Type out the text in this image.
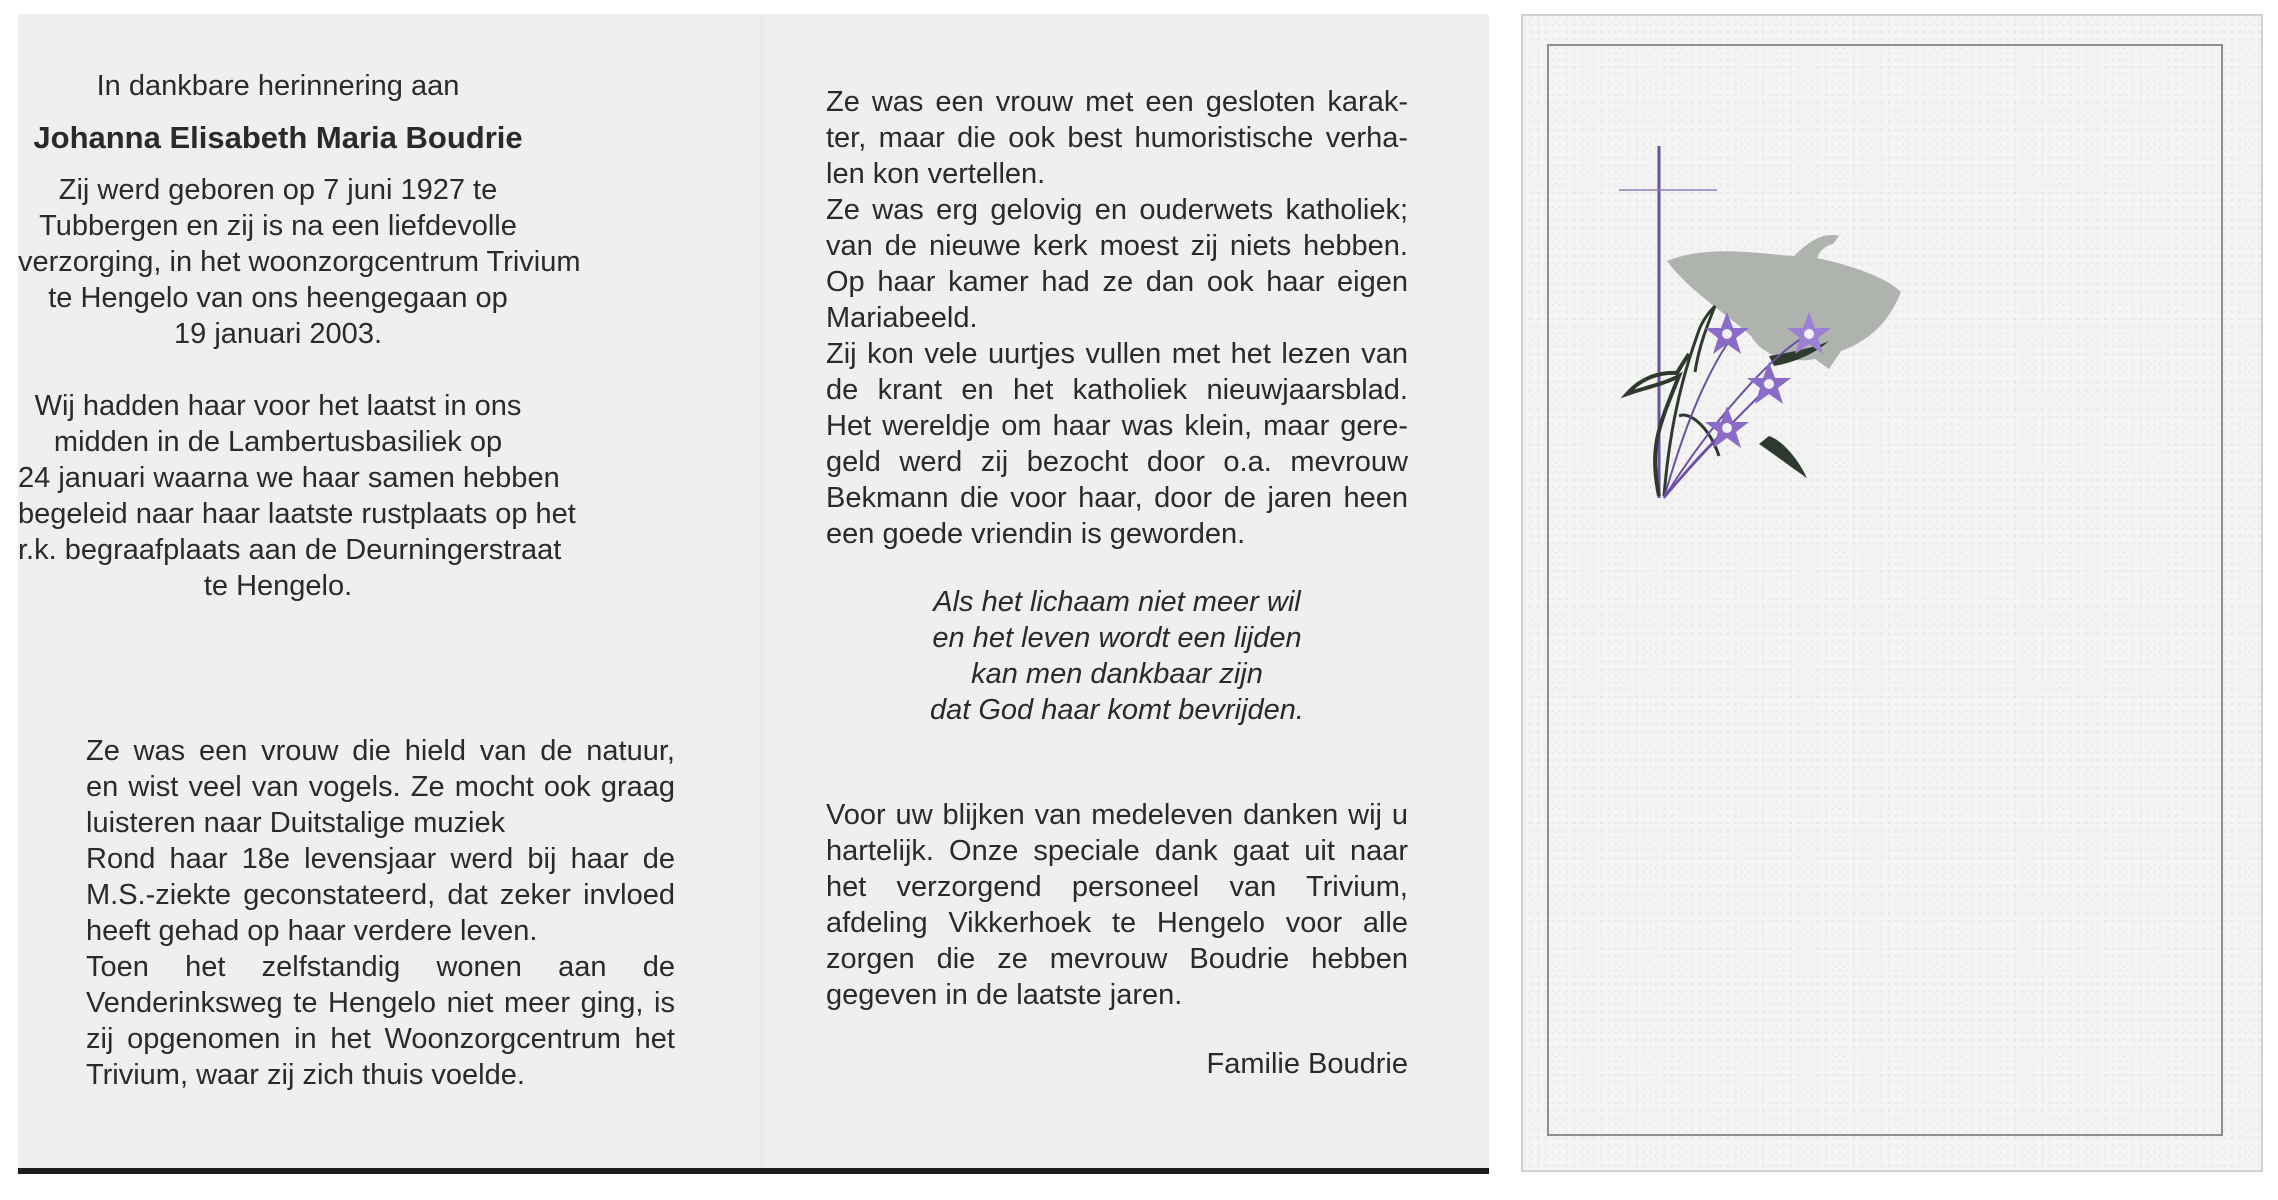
In dankbare herinnering aan
Johanna Elisabeth Maria Boudrie
Zij werd geboren op 7 juni 1927 te
Tubbergen en zij is na een liefdevolle
verzorging, in het woonzorgcentrum Trivium
te Hengelo van ons heengegaan op
19 januari 2003.
Wij hadden haar voor het laatst in ons
midden in de Lambertusbasiliek op
24 januari waarna we haar samen hebben
begeleid naar haar laatste rustplaats op het
r.k. begraafplaats aan de Deurningerstraat
te Hengelo.
Ze was een vrouw die hield van de natuur,
en wist veel van vogels. Ze mocht ook graag
luisteren naar Duitstalige muziek
Rond haar 18e levensjaar werd bij haar de
M.S.-ziekte geconstateerd, dat zeker invloed
heeft gehad op haar verdere leven.
Toen het zelfstandig wonen aan de
Venderinksweg te Hengelo niet meer ging, is
zij opgenomen in het Woonzorgcentrum het
Trivium, waar zij zich thuis voelde.
Ze was een vrouw met een gesloten karak-
ter, maar die ook best humoristische verha-
len kon vertellen.
Ze was erg gelovig en ouderwets katholiek;
van de nieuwe kerk moest zij niets hebben.
Op haar kamer had ze dan ook haar eigen
Mariabeeld.
Zij kon vele uurtjes vullen met het lezen van
de krant en het katholiek nieuwjaarsblad.
Het wereldje om haar was klein, maar gere-
geld werd zij bezocht door o.a. mevrouw
Bekmann die voor haar, door de jaren heen
een goede vriendin is geworden.
Als het lichaam niet meer wil
en het leven wordt een lijden
kan men dankbaar zijn
dat God haar komt bevrijden.
Voor uw blijken van medeleven danken wij u
hartelijk. Onze speciale dank gaat uit naar
het verzorgend personeel van Trivium,
afdeling Vikkerhoek te Hengelo voor alle
zorgen die ze mevrouw Boudrie hebben
gegeven in de laatste jaren.
Familie Boudrie
